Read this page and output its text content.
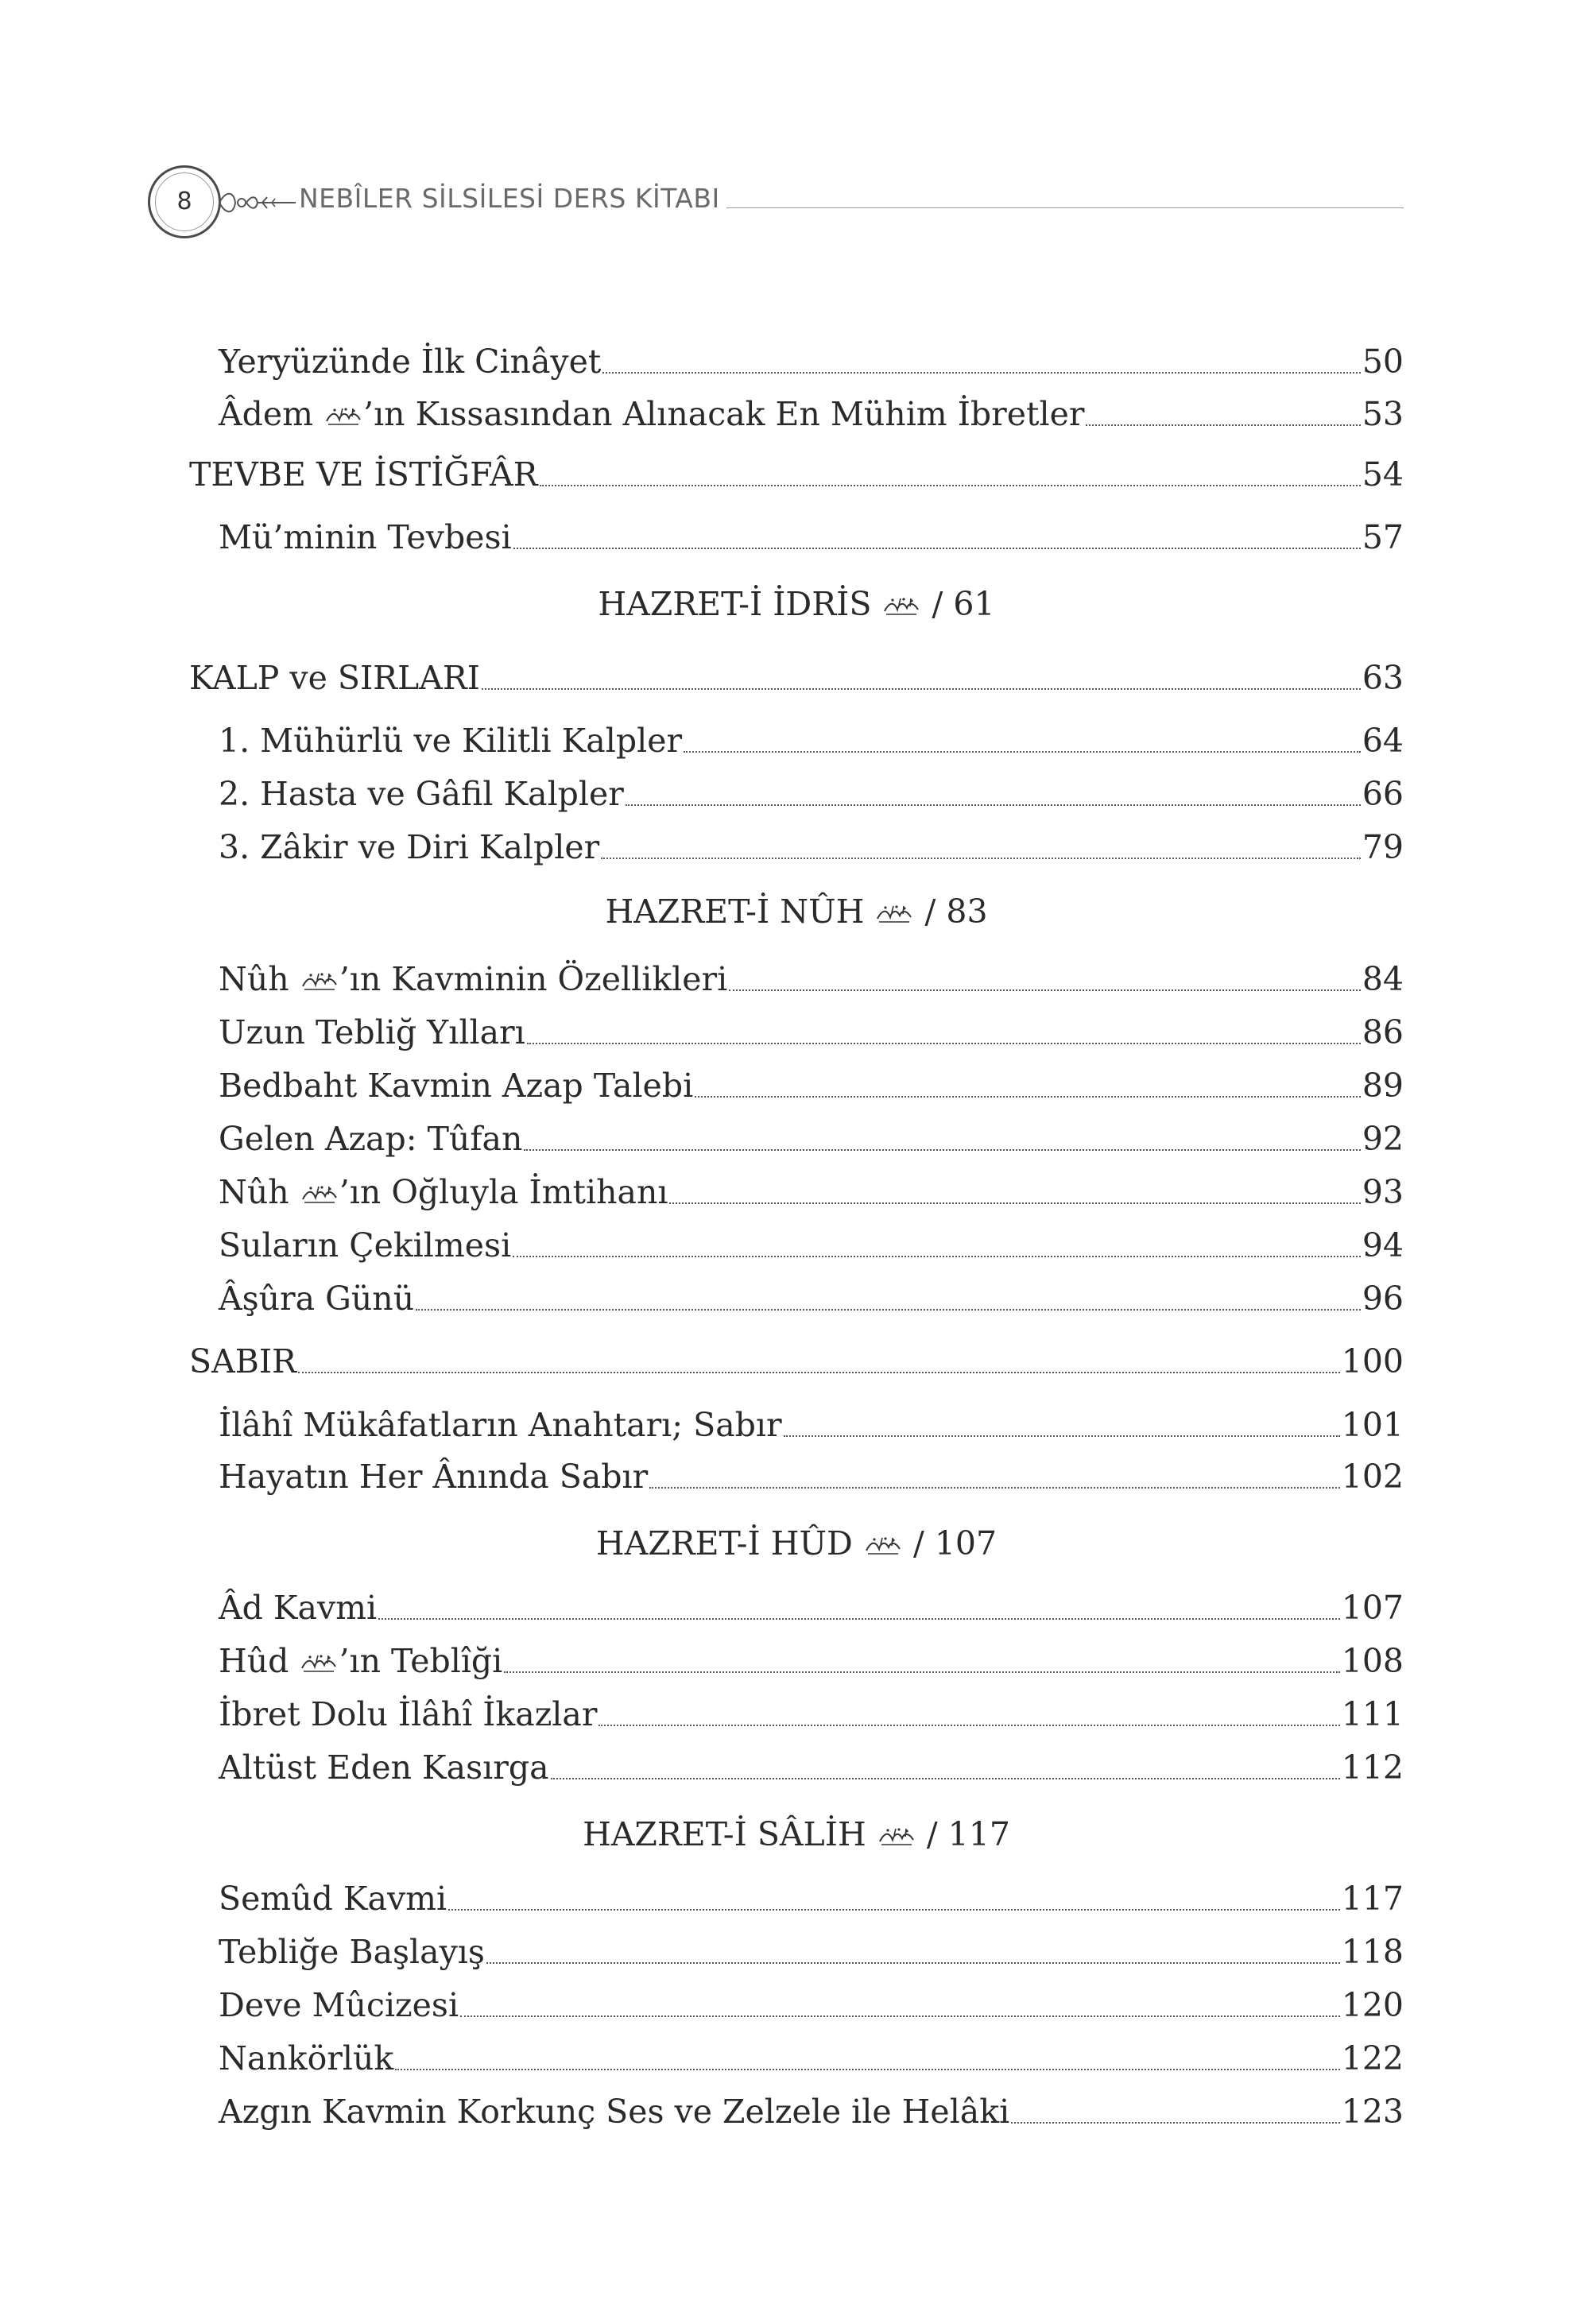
8	NEBÎLER SİLSİLESİ DERS KİTABI
Yeryüzünde İlk Cinâyet	50
Âdem ’ın Kıssasından Alınacak En Mühim İbretler	53
TEVBE VE İSTİĞFÂR	54
Mü’minin Tevbesi	57
HAZRET-İ İDRİS / 61
KALP ve SIRLARI	63
1. Mühürlü ve Kilitli Kalpler	64
2. Hasta ve Gâfil Kalpler	66
3. Zâkir ve Diri Kalpler	79
HAZRET-İ NÛH / 83
Nûh ’ın Kavminin Özellikleri	84
Uzun Tebliğ Yılları	86
Bedbaht Kavmin Azap Talebi	89
Gelen Azap: Tûfan	92
Nûh ’ın Oğluyla İmtihanı	93
Suların Çekilmesi	94
Âşûra Günü	96
SABIR	100
İlâhî Mükâfatların Anahtarı; Sabır	101
Hayatın Her Ânında Sabır	102
HAZRET-İ HÛD / 107
Âd Kavmi	107
Hûd ’ın Teblîği	108
İbret Dolu İlâhî İkazlar	111
Altüst Eden Kasırga	112
HAZRET-İ SÂLİH / 117
Semûd Kavmi	117
Tebliğe Başlayış	118
Deve Mûcizesi	120
Nankörlük	122
Azgın Kavmin Korkunç Ses ve Zelzele ile Helâki	123
